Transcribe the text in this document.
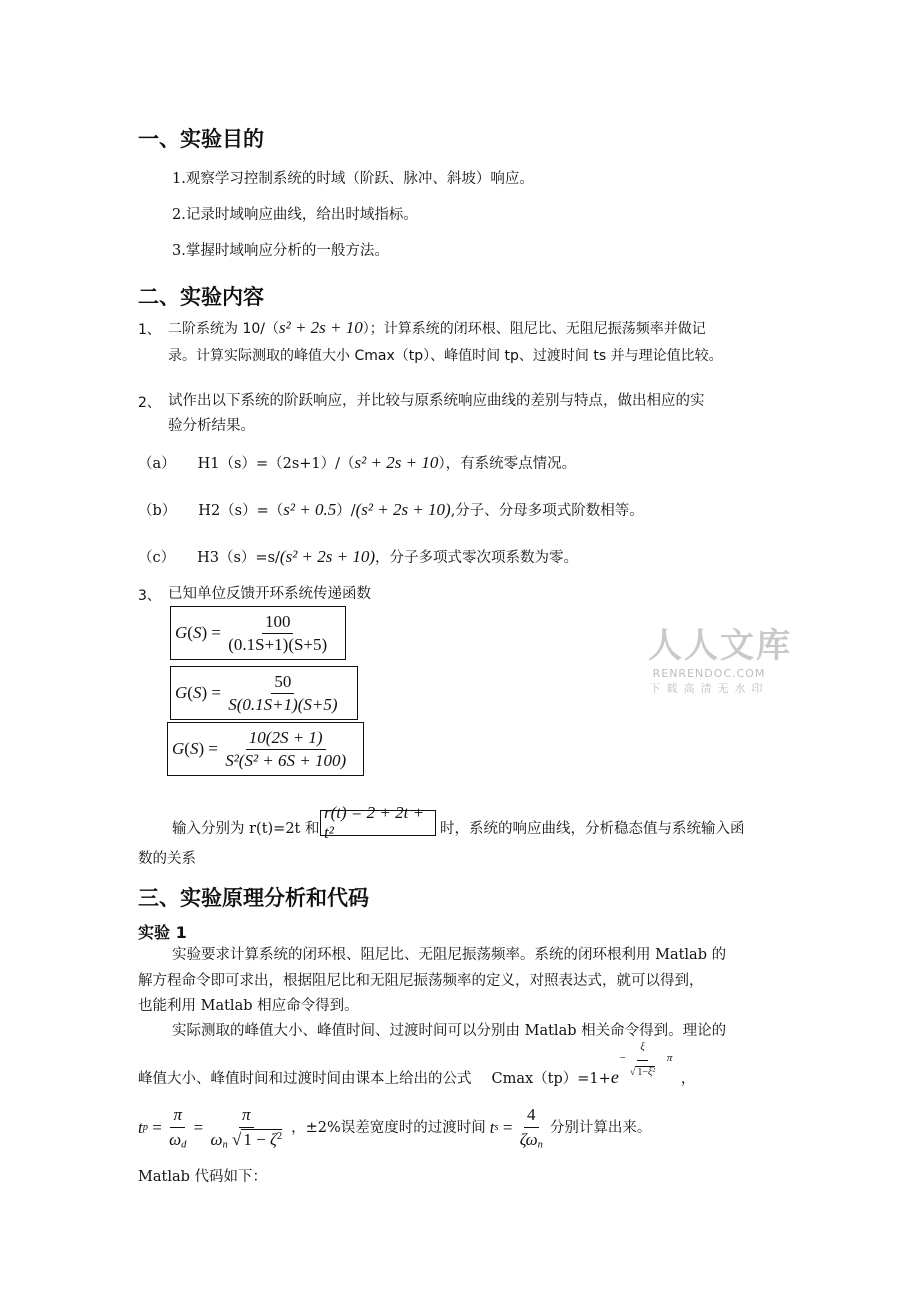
一、实验目的
1.观察学习控制系统的时域（阶跃、脉冲、斜坡）响应。
2.记录时域响应曲线，给出时域指标。
3.掌握时域响应分析的一般方法。
二、实验内容
1、 二阶系统为 10/（s² + 2s + 10）；计算系统的闭环根、阻尼比、无阻尼振荡频率并做记
录。计算实际测取的峰值大小 Cmax（tp）、峰值时间 tp、过渡时间 ts 并与理论值比较。
2、 试作出以下系统的阶跃响应，并比较与原系统响应曲线的差别与特点，做出相应的实
验分析结果。
（a） H1（s）=（2s+1）/（s² + 2s + 10），有系统零点情况。
（b） H2（s）=（s² + 0.5）/(s² + 2s + 10),分子、分母多项式阶数相等。
（c） H3（s）=s/(s² + 2s + 10)，分子多项式零次项系数为零。
3、 已知单位反馈开环系统传递函数
G ( S ) = $\frac{100}{(0.1S+1)(S+5)}$
G ( S ) = $\frac{50}{S(0.1S+1)(S+5)}$
G ( S ) = $\frac{10(2S + 1)}{\text{S²(S² + 6S + 100)}}$
输入分别为 r(t)=2t 和
r(t) = 2 + 2t + t²	时，系统的响应曲线，分析稳态值与系统输入函
数的关系
三、实验原理分析和代码
实验 1
实验要求计算系统的闭环根、阻尼比、无阻尼振荡频率。系统的闭环根利用 Matlab 的
解方程命令即可求出，根据阻尼比和无阻尼振荡频率的定义，对照表达式，就可以得到，
也能利用 Matlab 相应命令得到。
实际测取的峰值大小、峰值时间、过渡时间可以分别由 Matlab 相关命令得到。理论的
峰值大小、峰值时间和过渡时间由课本上给出的公式 Cmax（tp）=1+e
− $\frac{\xi}{√ 1-\xi^2}$ π
，
t $p = \frac{\pi}{\omega_d} = \frac{\pi}{\omega_n √ 1 - \zeta^2}$ ，±2%误差宽度时的过渡时间 t $s = \frac{4}{\zeta\omega_n}$ 分别计算出来。
Matlab 代码如下：
人人文库
RENRENDOC.COM
下载高清无水印
